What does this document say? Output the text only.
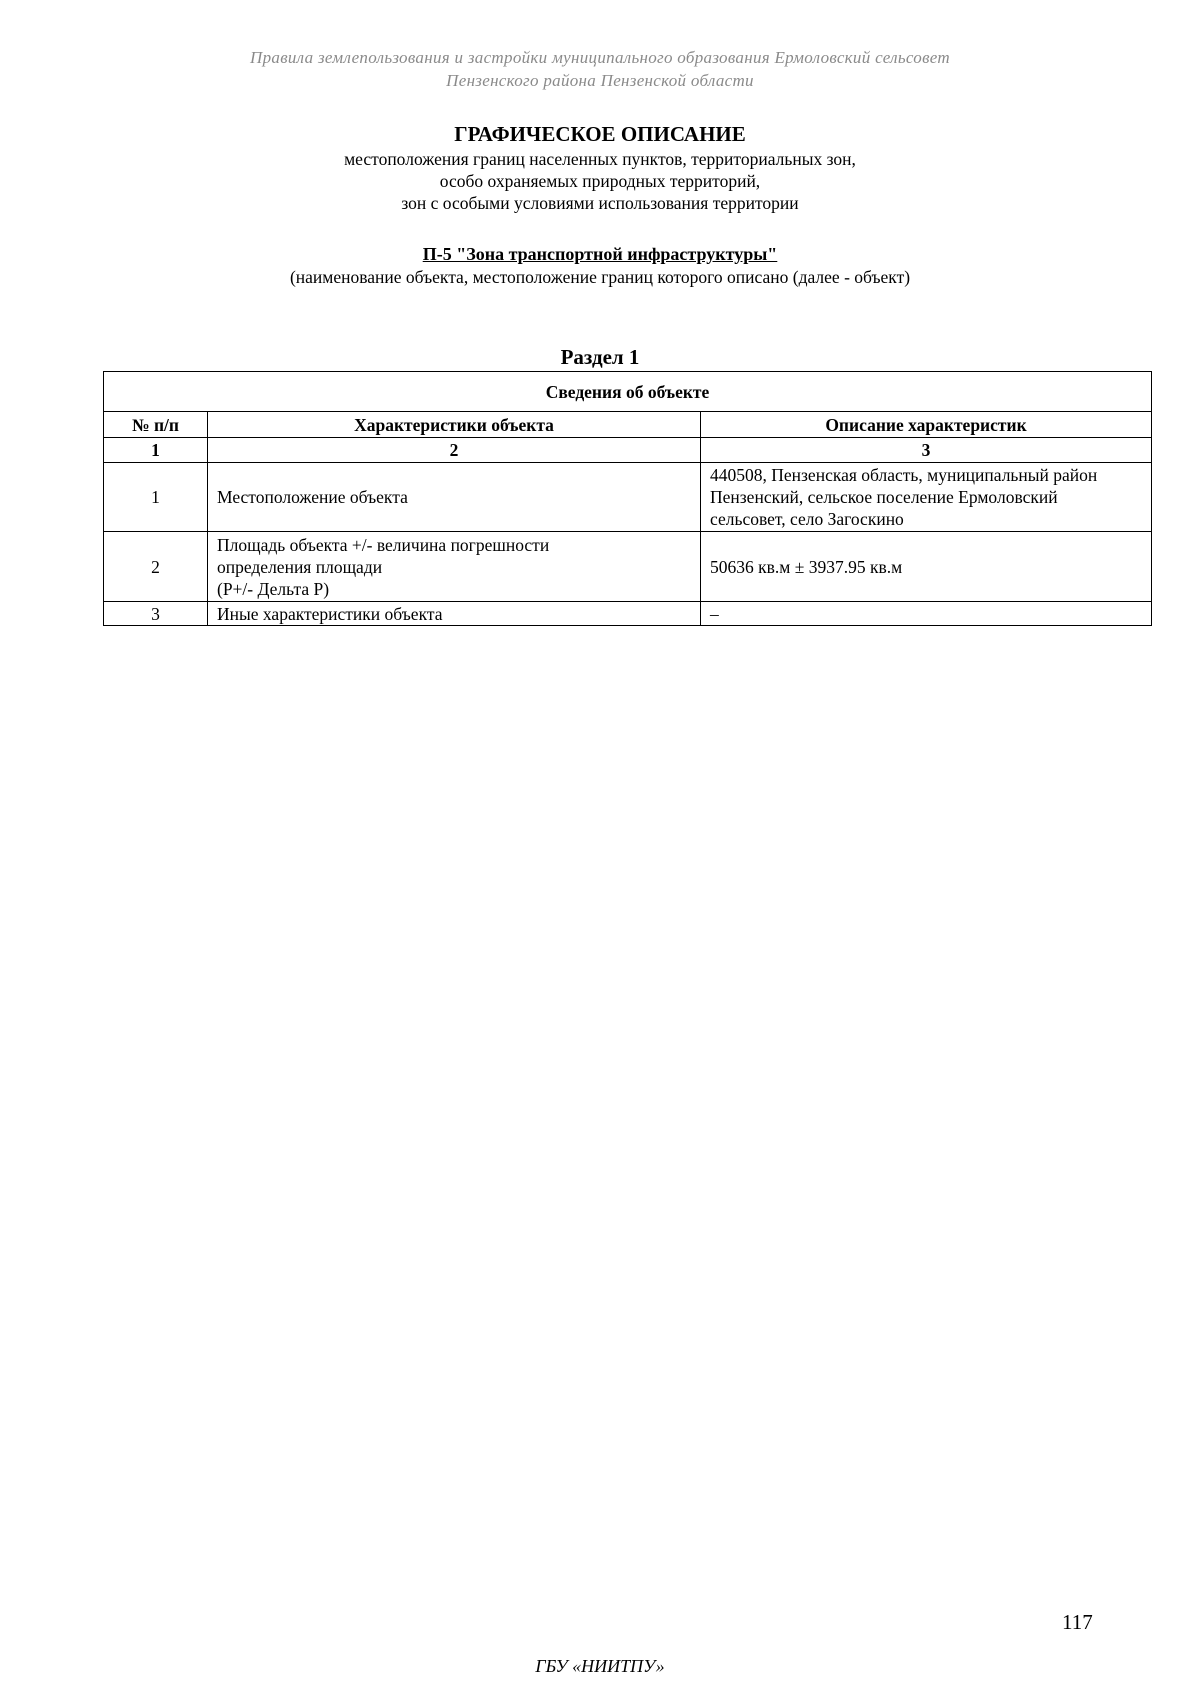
Правила землепользования и застройки муниципального образования Ермоловский сельсовет
Пензенского района Пензенской области
ГРАФИЧЕСКОЕ ОПИСАНИЕ
местоположения границ населенных пунктов, территориальных зон,
особо охраняемых природных территорий,
зон с особыми условиями использования территории
П-5 "Зона транспортной инфраструктуры"
(наименование объекта, местоположение границ которого описано (далее - объект)
Раздел 1
Сведения об объекте		
№ п/п	Характеристики объекта	Описание характеристик
1	2	3
1	Местоположение объекта	440508, Пензенская область, муниципальный район
Пензенский, сельское поселение Ермоловский
сельсовет, село Загоскино

2	Площадь объекта +/- величина погрешности
определения площади
(P+/- Дельта P)	50636 кв.м ± 3937.95 кв.м
3	Иные характеристики объекта	–
117
ГБУ «НИИТПУ»
